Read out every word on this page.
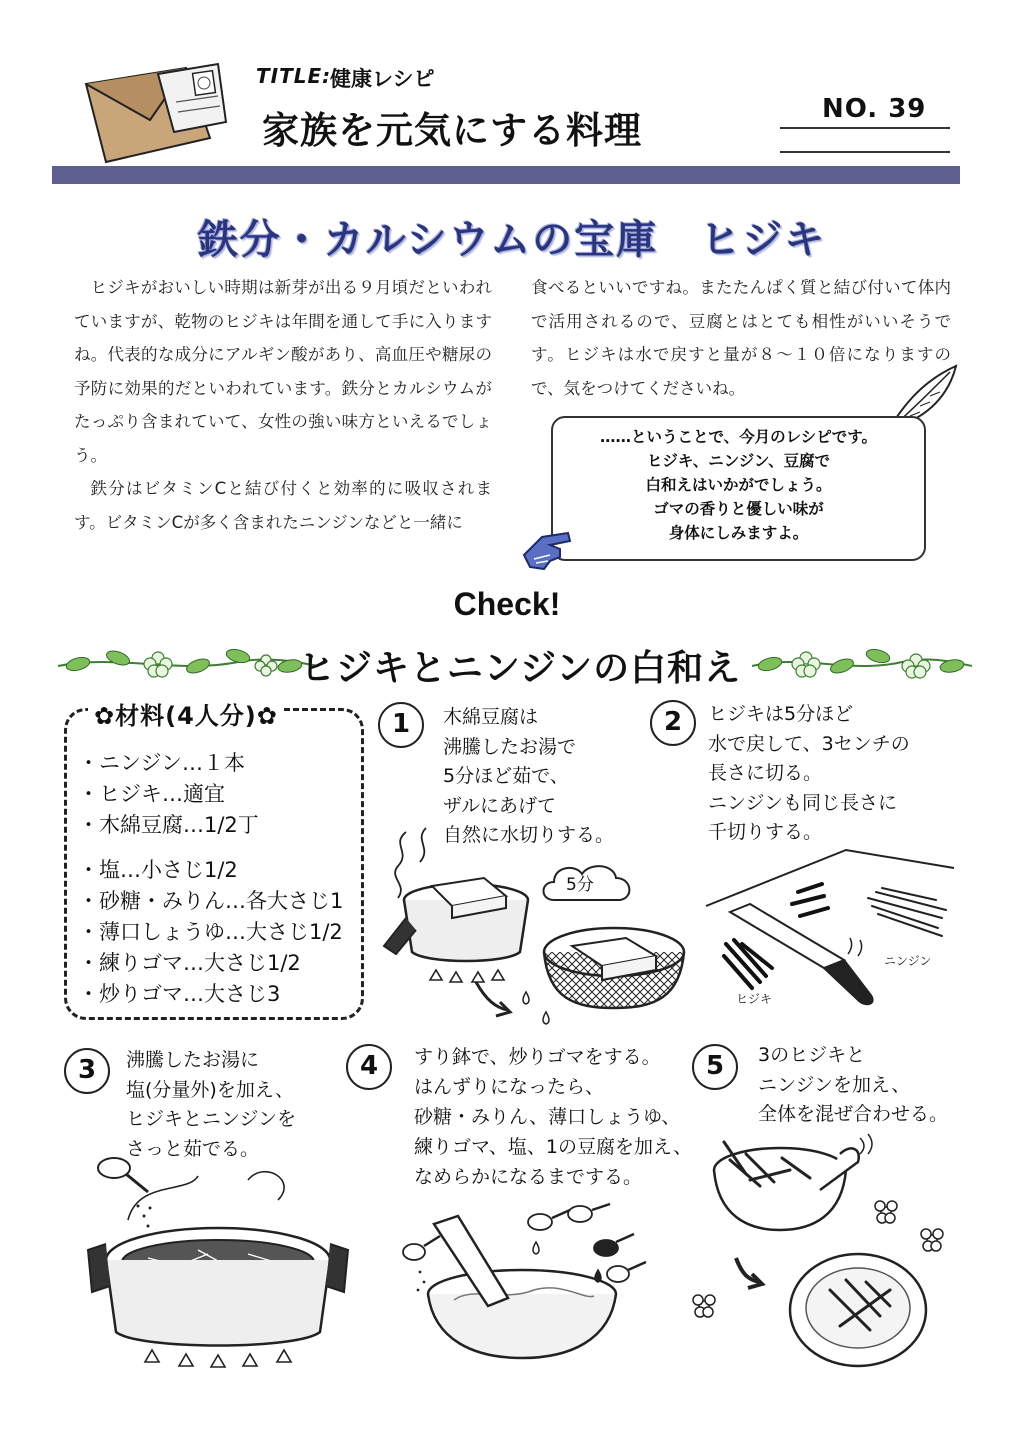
TITLE:
健康レシピ
家族を元気にする料理	NO. 39
鉄分・カルシウムの宝庫　ヒジキ

ヒジキがおいしい時期は新芽が出る９月頃だといわれていますが、乾物のヒジキは年間を通して手に入りますね。代表的な成分にアルギン酸があり、高血圧や糖尿の予防に効果的だといわれています。鉄分とカルシウムがたっぷり含まれていて、女性の強い味方といえるでしょう。

鉄分はビタミンCと結び付くと効率的に吸収されます。ビタミンCが多く含まれたニンジンなどと一緒に

食べるといいですね。またたんぱく質と結び付いて体内で活用されるので、豆腐とはとても相性がいいそうです。ヒジキは水で戻すと量が８～１０倍になりますので、気をつけてくださいね。

……ということで、今月のレシピです。
ヒジキ、ニンジン、豆腐で
白和えはいかがでしょう。
ゴマの香りと優しい味が
身体にしみますよ。
Check!
ヒジキとニンジンの白和え
✿材料(4人分)✿
・ニンジン…１本
・ヒジキ…適宜
・木綿豆腐…1/2丁
・塩…小さじ1/2
・砂糖・みりん…各大さじ1
・薄口しょうゆ…大さじ1/2
・練りゴマ…大さじ1/2
・炒りゴマ…大さじ3
1	木綿豆腐は
沸騰したお湯で
5分ほど茹で、
ザルにあげて
自然に水切りする。
5分
2	ヒジキは5分ほど
水で戻して、3センチの
長さに切る。
ニンジンも同じ長さに
千切りする。
ヒジキ
ニンジン
3	沸騰したお湯に
塩(分量外)を加え、
ヒジキとニンジンを
さっと茹でる。
4	すり鉢で、炒りゴマをする。
はんずりになったら、
砂糖・みりん、薄口しょうゆ、
練りゴマ、塩、1の豆腐を加え、
なめらかになるまでする。
5	3のヒジキと
ニンジンを加え、
全体を混ぜ合わせる。
